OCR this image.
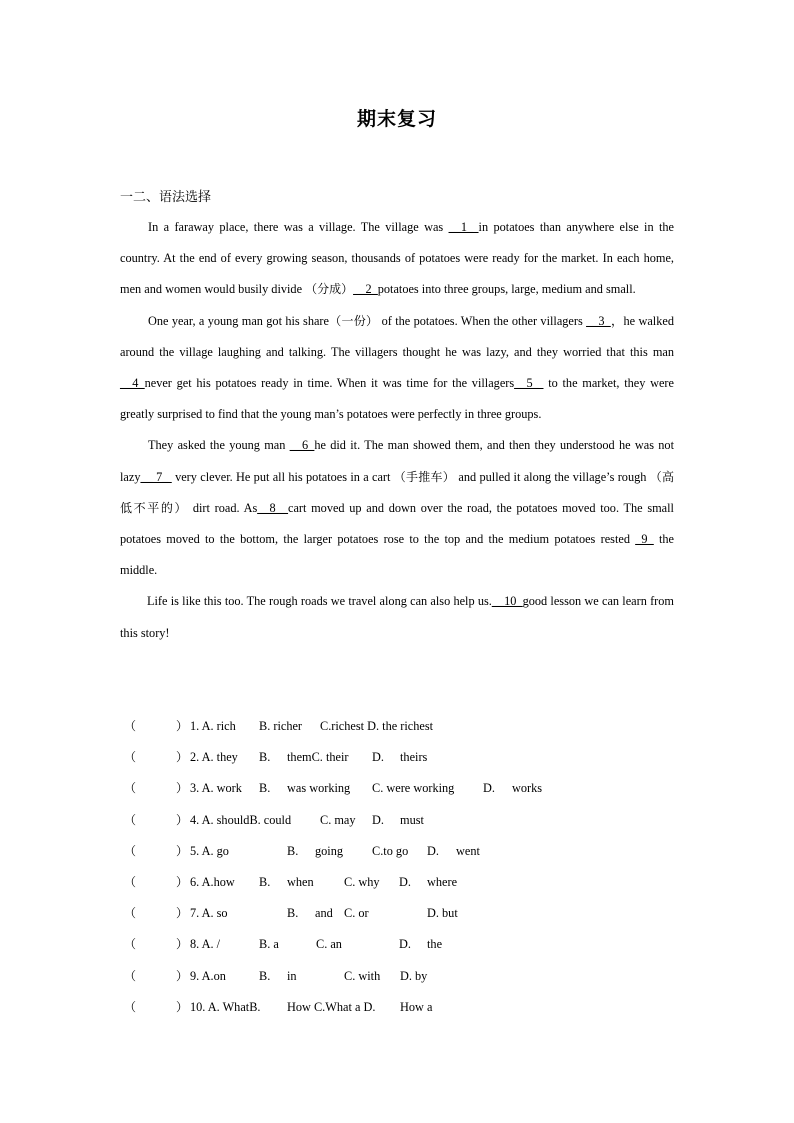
期末复习
一二、语法选择

In a faraway place, there was a village. The village was __1_ in potatoes than anywhere else in the country. At the end of every growing season, thousands of potatoes were ready for the market. In each home, men and women would busily divide （分成）__2_potatoes into three groups, large, medium and small.

One year, a young man got his share（一份） of the potatoes. When the other villagers __3_，he walked around the village laughing and talking. The villagers thought he was lazy, and they worried that this man __4_never get his potatoes ready in time. When it was time for the villagers__5_  to the market, they were greatly surprised to find that the young man’s potatoes were perfectly in three groups.

They asked the young man __6_he did it. The man showed them, and then they understood he was not lazy__ 7_  very clever. He put all his potatoes in a cart （手推车） and pulled it along the village’s rough （高低不平的） dirt road. As__8__cart moved up and down over the road, the potatoes moved too. The small potatoes moved to the bottom, the larger potatoes rose to the top and the medium potatoes rested _9_ the middle.

Life is like this too. The rough roads we travel along can also help us.__10_good lesson we can learn from this story!

（	） 1. A. rich B. richer C.richest D. the richest
（	） 2. A. they B. themC. their D. theirs
（	） 3. A. work B. was working C. were working D. works
（	） 4. A. shouldB. could C. may D. must
（	） 5. A. go	B. going C.to go D. went
（	） 6. A.how B. when C. why D. where
（	） 7. A. so	B. and C. or	D. but
（	） 8. A. /	B. a	C. an	D. the
（	） 9. A.on	B. in	C. with D. by
（	） 10. A. WhatB. How C.What a D. How a
